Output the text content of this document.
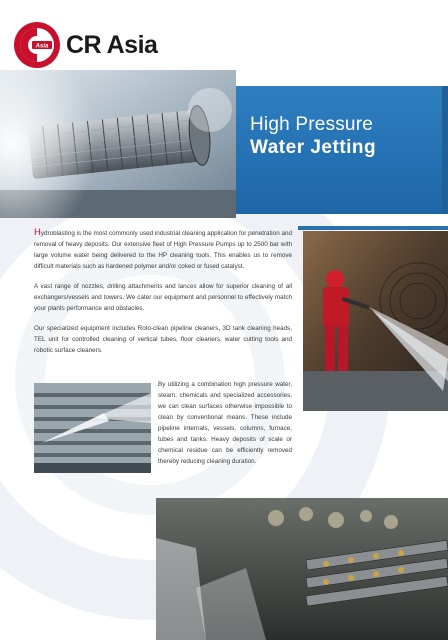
Asia CR Asia
High Pressure
Water Jetting

Hydroblasting is the most commonly used industrial cleaning application for penetration and removal of heavy deposits. Our extensive fleet of High Pressure Pumps up to 2500 bar with large volume water being delivered to the HP cleaning tools. This enables us to remove difficult materials such as hardened polymer and/or coked or fused catalyst.

A vast range of nozzles, drilling attachments and lances allow for superior cleaning of all exchangers/vessels and towers. We cater our equipment and personnel to effectively match your plants performance and obstacles.

Our specialized equipment includes Roto-clean pipeline cleaners, 3D tank cleaning heads, TEL unit for controlled cleaning of vertical tubes, floor cleaners, water cutting tools and robotic surface cleaners.

By utilizing a combination high pressure water, steam, chemicals and specialized accessories, we can clean surfaces otherwise impossible to clean by conventional means. These include pipeline internals, vessels, columns, furnace, tubes and tanks. Heavy deposits of scale or chemical residue can be efficiently removed thereby reducing cleaning duration.
